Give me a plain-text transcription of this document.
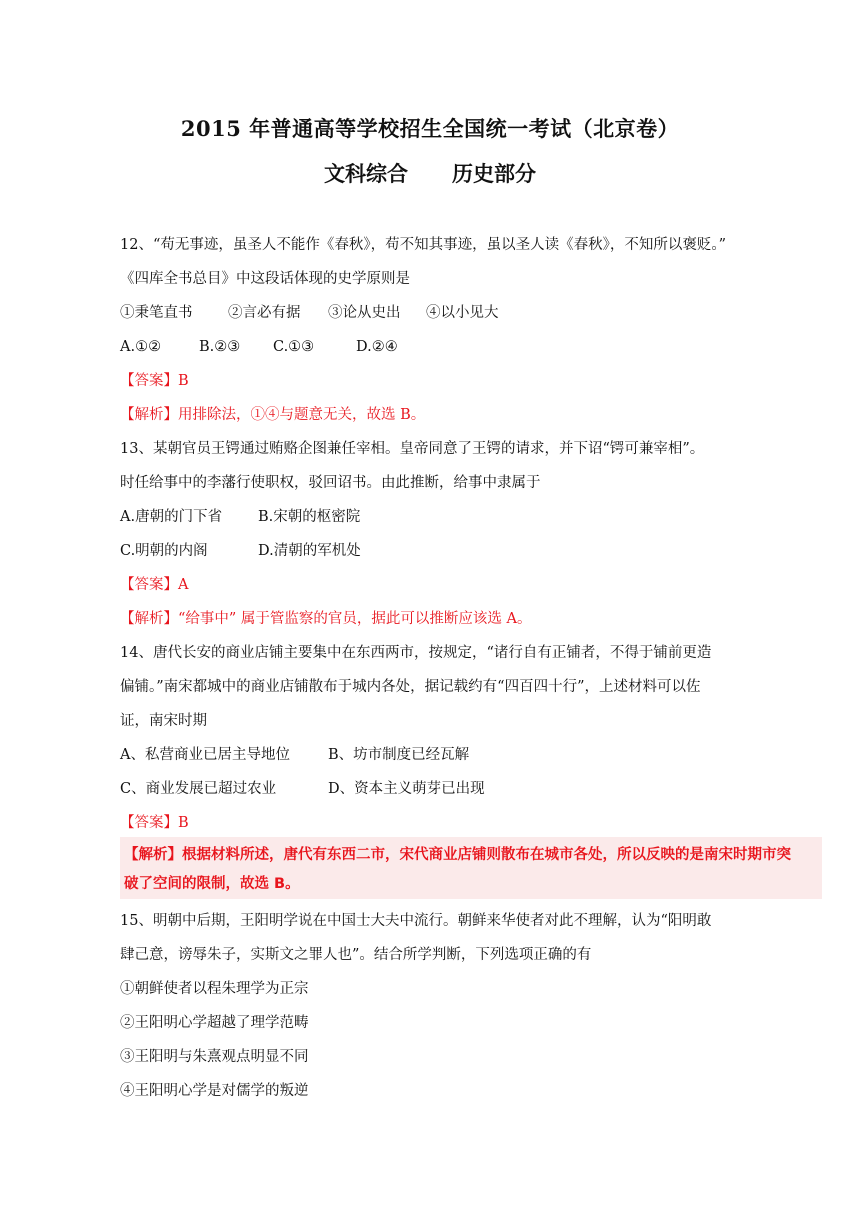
2015 年普通高等学校招生全国统一考试（北京卷）
文科综合 历史部分
12、“苟无事迹，虽圣人不能作《春秋》，苟不知其事迹，虽以圣人读《春秋》，不知所以褒贬。”
《四库全书总目》中这段话体现的史学原则是
①秉笔直书 ②言必有据 ③论从史出 ④以小见大
A.①②	B.②③ C.①③	D.②④
【答案】B
【解析】用排除法，①④与题意无关，故选 B。
13、某朝官员王锷通过贿赂企图兼任宰相。皇帝同意了王锷的请求，并下诏“锷可兼宰相”。
时任给事中的李藩行使职权，驳回诏书。由此推断，给事中隶属于
A.唐朝的门下省 B.宋朝的枢密院
C.明朝的内阁	D.清朝的军机处
【答案】A
【解析】“给事中” 属于管监察的官员，据此可以推断应该选 A。
14、唐代长安的商业店铺主要集中在东西两市，按规定，“诸行自有正铺者，不得于铺前更造
偏铺。”南宋都城中的商业店铺散布于城内各处，据记载约有“四百四十行”，上述材料可以佐
证，南宋时期
A、私营商业已居主导地位	B、坊市制度已经瓦解
C、商业发展已超过农业	D、资本主义萌芽已出现
【答案】B
【解析】根据材料所述，唐代有东西二市，宋代商业店铺则散布在城市各处，所以反映的是南宋时期市突
破了空间的限制，故选 B。
15、明朝中后期，王阳明学说在中国士大夫中流行。朝鲜来华使者对此不理解，认为“阳明敢
肆己意，谤辱朱子，实斯文之罪人也”。结合所学判断，下列选项正确的有
①朝鲜使者以程朱理学为正宗
②王阳明心学超越了理学范畴
③王阳明与朱熹观点明显不同
④王阳明心学是对儒学的叛逆
